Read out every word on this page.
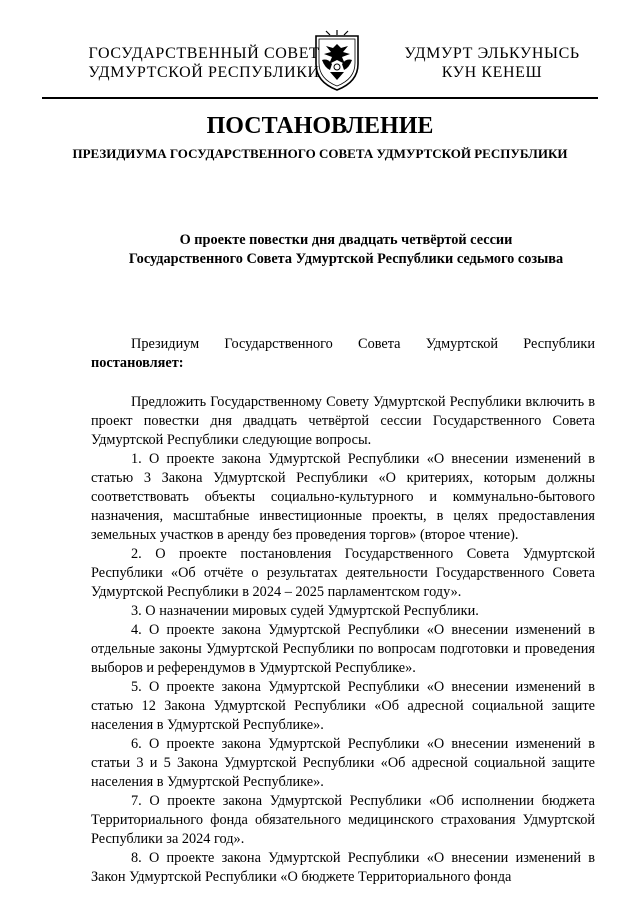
ГОСУДАРСТВЕННЫЙ СОВЕТ
УДМУРТСКОЙ РЕСПУБЛИКИ
УДМУРТ ЭЛЬКУНЫСЬ
КУН КЕНЕШ
ПОСТАНОВЛЕНИЕ
ПРЕЗИДИУМА ГОСУДАРСТВЕННОГО СОВЕТА УДМУРТСКОЙ РЕСПУБЛИКИ
О проекте повестки дня двадцать четвёртой сессии
Государственного Совета Удмуртской Республики седьмого созыва

Президиум Государственного Совета Удмуртской Республики

постановляет:

Предложить Государственному Совету Удмуртской Республики включить в проект повестки дня двадцать четвёртой сессии Государственного Совета Удмуртской Республики следующие вопросы.

1. О проекте закона Удмуртской Республики «О внесении изменений в статью 3 Закона Удмуртской Республики «О критериях, которым должны соответствовать объекты социально-культурного и коммунально-бытового назначения, масштабные инвестиционные проекты, в целях предоставления земельных участков в аренду без проведения торгов» (второе чтение).

2. О проекте постановления Государственного Совета Удмуртской Республики «Об отчёте о результатах деятельности Государственного Совета Удмуртской Республики в 2024 – 2025 парламентском году».

3. О назначении мировых судей Удмуртской Республики.

4. О проекте закона Удмуртской Республики «О внесении изменений в отдельные законы Удмуртской Республики по вопросам подготовки и проведения выборов и референдумов в Удмуртской Республике».

5. О проекте закона Удмуртской Республики «О внесении изменений в статью 12 Закона Удмуртской Республики «Об адресной социальной защите населения в Удмуртской Республике».

6. О проекте закона Удмуртской Республики «О внесении изменений в статьи 3 и 5 Закона Удмуртской Республики «Об адресной социальной защите населения в Удмуртской Республике».

7. О проекте закона Удмуртской Республики «Об исполнении бюджета Территориального фонда обязательного медицинского страхования Удмуртской Республики за 2024 год».

8. О проекте закона Удмуртской Республики «О внесении изменений в Закон Удмуртской Республики «О бюджете Территориального фонда
